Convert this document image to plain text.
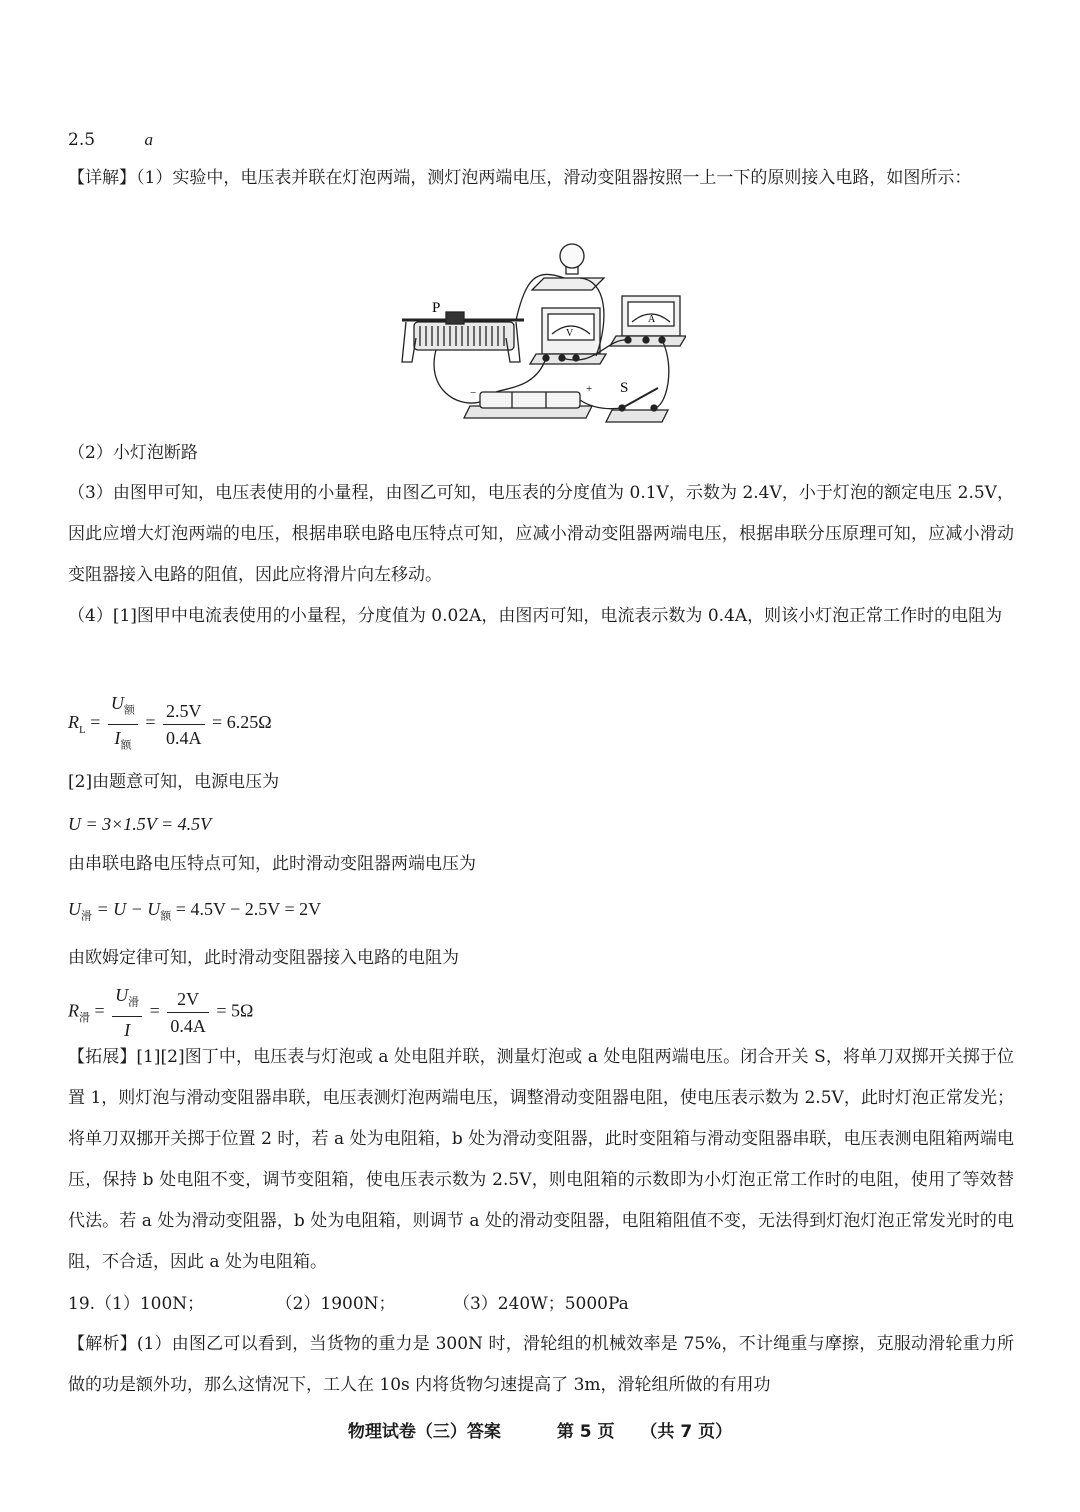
2.5	a
【详解】（1）实验中，电压表并联在灯泡两端，测灯泡两端电压，滑动变阻器按照一上一下的原则接入电路，如图所示：
P
V
A
−	+ S
（2）小灯泡断路
（3）由图甲可知，电压表使用的小量程，由图乙可知，电压表的分度值为 0.1V，示数为 2.4V，小于灯泡的额定电压 2.5V，因此应增大灯泡两端的电压，根据串联电路电压特点可知，应减小滑动变阻器两端电压，根据串联分压原理可知，应减小滑动变阻器接入电路的阻值，因此应将滑片向左移动。
（4）[1]图甲中电流表使用的小量程，分度值为 0.02A，由图丙可知，电流表示数为 0.4A，则该小灯泡正常工作时的电阻为
$R_L = \frac{U_额}{I_额} = \frac{2.5V}{0.4A} = 6.25\Omega$
[2]由题意可知，电源电压为
U = 3×1.5V = 4.5V
由串联电路电压特点可知，此时滑动变阻器两端电压为
$U_滑 = U - U_额 = 4.5V - 2.5V = 2V$
由欧姆定律可知，此时滑动变阻器接入电路的电阻为
$R_滑 = \frac{U_滑}{I} = \frac{2V}{0.4A} = 5\Omega$
【拓展】[1][2]图丁中，电压表与灯泡或 a 处电阻并联，测量灯泡或 a 处电阻两端电压。闭合开关 S，将单刀双掷开关掷于位置 1，则灯泡与滑动变阻器串联，电压表测灯泡两端电压，调整滑动变阻器电阻，使电压表示数为 2.5V，此时灯泡正常发光；将单刀双挪开关掷于位置 2 时，若 a 处为电阻箱，b 处为滑动变阻器，此时变阻箱与滑动变阻器串联，电压表测电阻箱两端电压，保持 b 处电阻不变，调节变阻箱，使电压表示数为 2.5V，则电阻箱的示数即为小灯泡正常工作时的电阻，使用了等效替代法。若 a 处为滑动变阻器，b 处为电阻箱，则调节 a 处的滑动变阻器，电阻箱阻值不变，无法得到灯泡灯泡正常发光时的电阻，不合适，因此 a 处为电阻箱。
19.（1）100N；	（2）1900N；	（3）240W；5000Pa
【解析】(1）由图乙可以看到，当货物的重力是 300N 时，滑轮组的机械效率是 75%，不计绳重与摩擦，克服动滑轮重力所做的功是额外功，那么这情况下，工人在 10s 内将货物匀速提高了 3m，滑轮组所做的有用功
物理试卷（三）答案	第 5 页 （共 7 页）
